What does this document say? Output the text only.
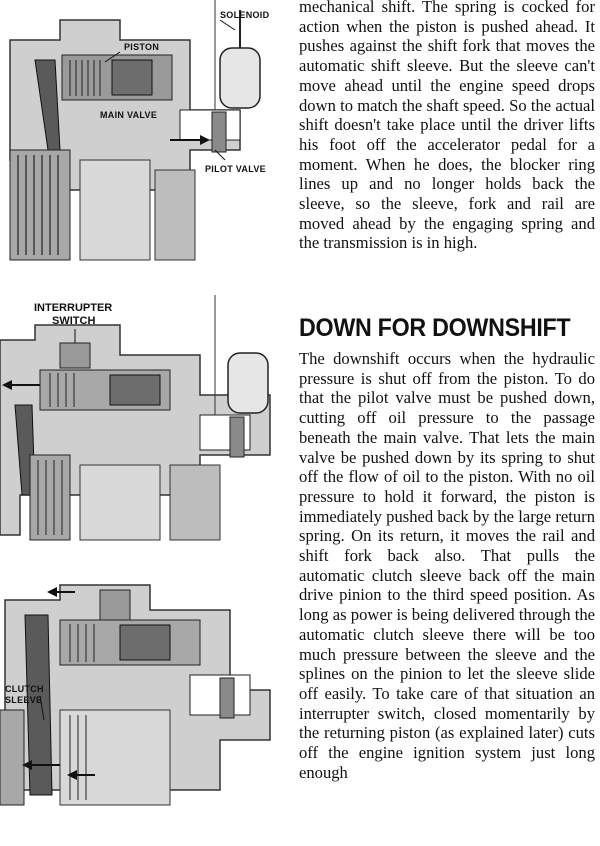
PISTON
SOLENOID
MAIN VALVE
PILOT VALVE
INTERRUPTER SWITCH
CLUTCH SLEEVE

mechanical shift. The spring is cocked for action when the piston is pushed ahead. It pushes against the shift fork that moves the automatic shift sleeve. But the sleeve can't move ahead until the engine speed drops down to match the shaft speed. So the actual shift doesn't take place until the driver lifts his foot off the accelerator pedal for a moment. When he does, the blocker ring lines up and no longer holds back the sleeve, so the sleeve, fork and rail are moved ahead by the engaging spring and the transmission is in high.

DOWN FOR DOWNSHIFT

The downshift occurs when the hydraulic pressure is shut off from the piston. To do that the pilot valve must be pushed down, cutting off oil pressure to the passage beneath the main valve. That lets the main valve be pushed down by its spring to shut off the flow of oil to the piston. With no oil pressure to hold it forward, the piston is immediately pushed back by the large return spring. On its return, it moves the rail and shift fork back also. That pulls the automatic clutch sleeve back off the main drive pinion to the third speed position. As long as power is being delivered through the automatic clutch sleeve there will be too much pressure between the sleeve and the splines on the pinion to let the sleeve slide off easily. To take care of that situation an interrupter switch, closed momentarily by the returning piston (as explained later) cuts off the engine ignition system just long enough
